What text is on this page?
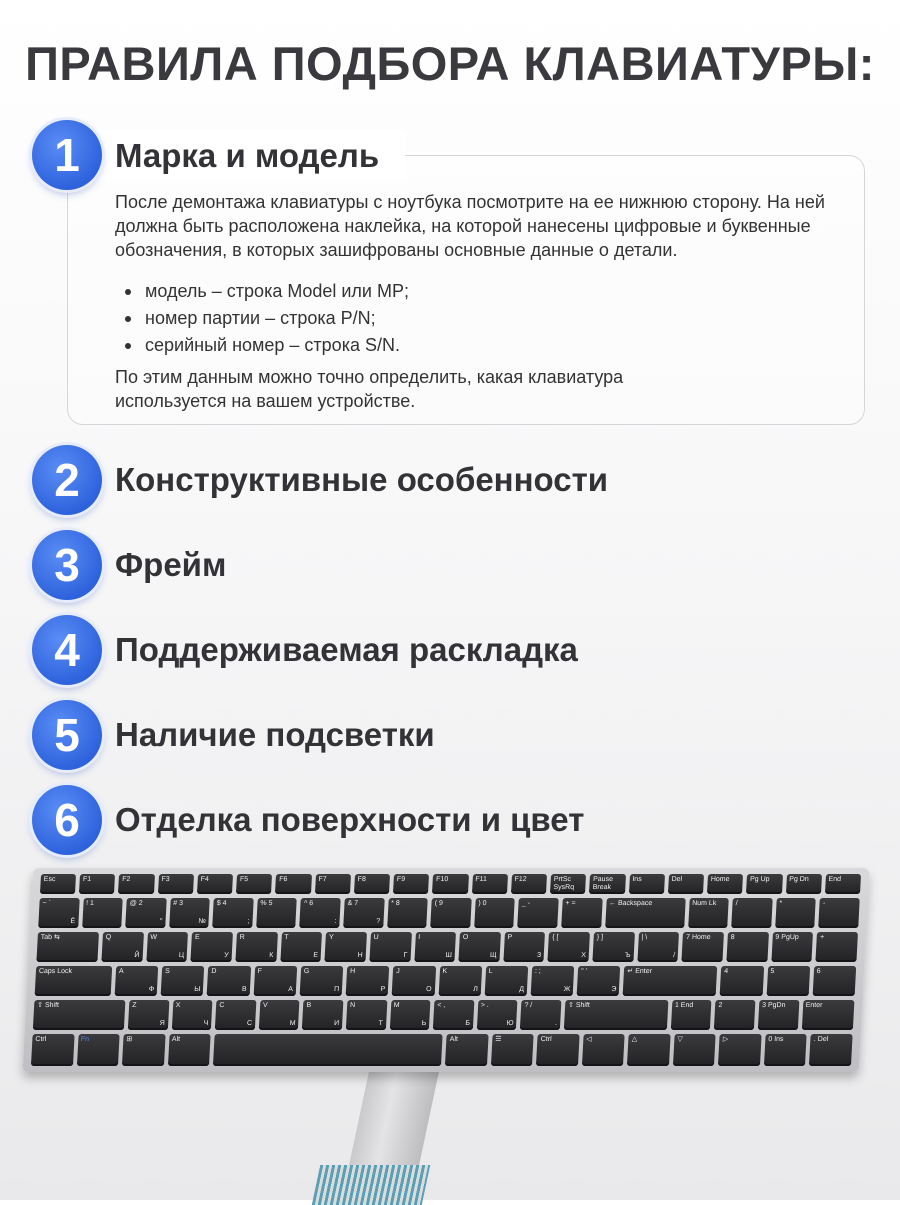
ПРАВИЛА ПОДБОРА КЛАВИАТУРЫ:
1	Марка и модель
После демонтажа клавиатуры с ноутбука посмотрите на ее нижнюю сторону. На ней должна быть расположена наклейка, на которой нанесены цифровые и буквенные обозначения, в которых зашифрованы основные данные о детали.
модель – строка Model или MP;
номер партии – строка P/N;
серийный номер – строка S/N.
По этим данным можно точно определить, какая клавиатура используется на вашем устройстве.
2	Конструктивные особенности
3	Фрейм
4	Поддерживаемая раскладка
5	Наличие подсветки
6	Отделка поверхности и цвет
Esc	F1	F2	F3	F4	F5	F6	F7	F8	F9	F10	F11	F12	PrtSc SysRq
Pause Break
Ins	Del	Home	Pg Up	Pg Dn	End
~ `
Ё
! 1	@ 2
"
# 3
№
$ 4
;
% 5	^ 6
:
& 7
?
* 8	( 9	) 0	_ -	+ =	← Backspace	Num Lk	/	*	-
Tab ⇆	Q
Й
W
Ц
E
У
R
К
T
Е
Y
Н
U
Г
I
Ш
O
Щ
P
З
{ [
Х
} ]
Ъ
| \
/
7 Home	8	9 PgUp	+
Caps Lock	A
Ф
S
Ы
D
В
F
А
G
П
H
Р
J
О
K
Л
L
Д
: ;
Ж
" '
Э
↵ Enter	4	5	6
⇧ Shift	Z
Я
X
Ч
C
С
V
М
B
И
N
Т
M
Ь
< ,
Б
> .
Ю
? /
.
⇧ Shift	1 End	2	3 PgDn	Enter
Ctrl	Fn	⊞	Alt	Alt	☰	Ctrl	◁	△	▽	▷	0 Ins	. Del
